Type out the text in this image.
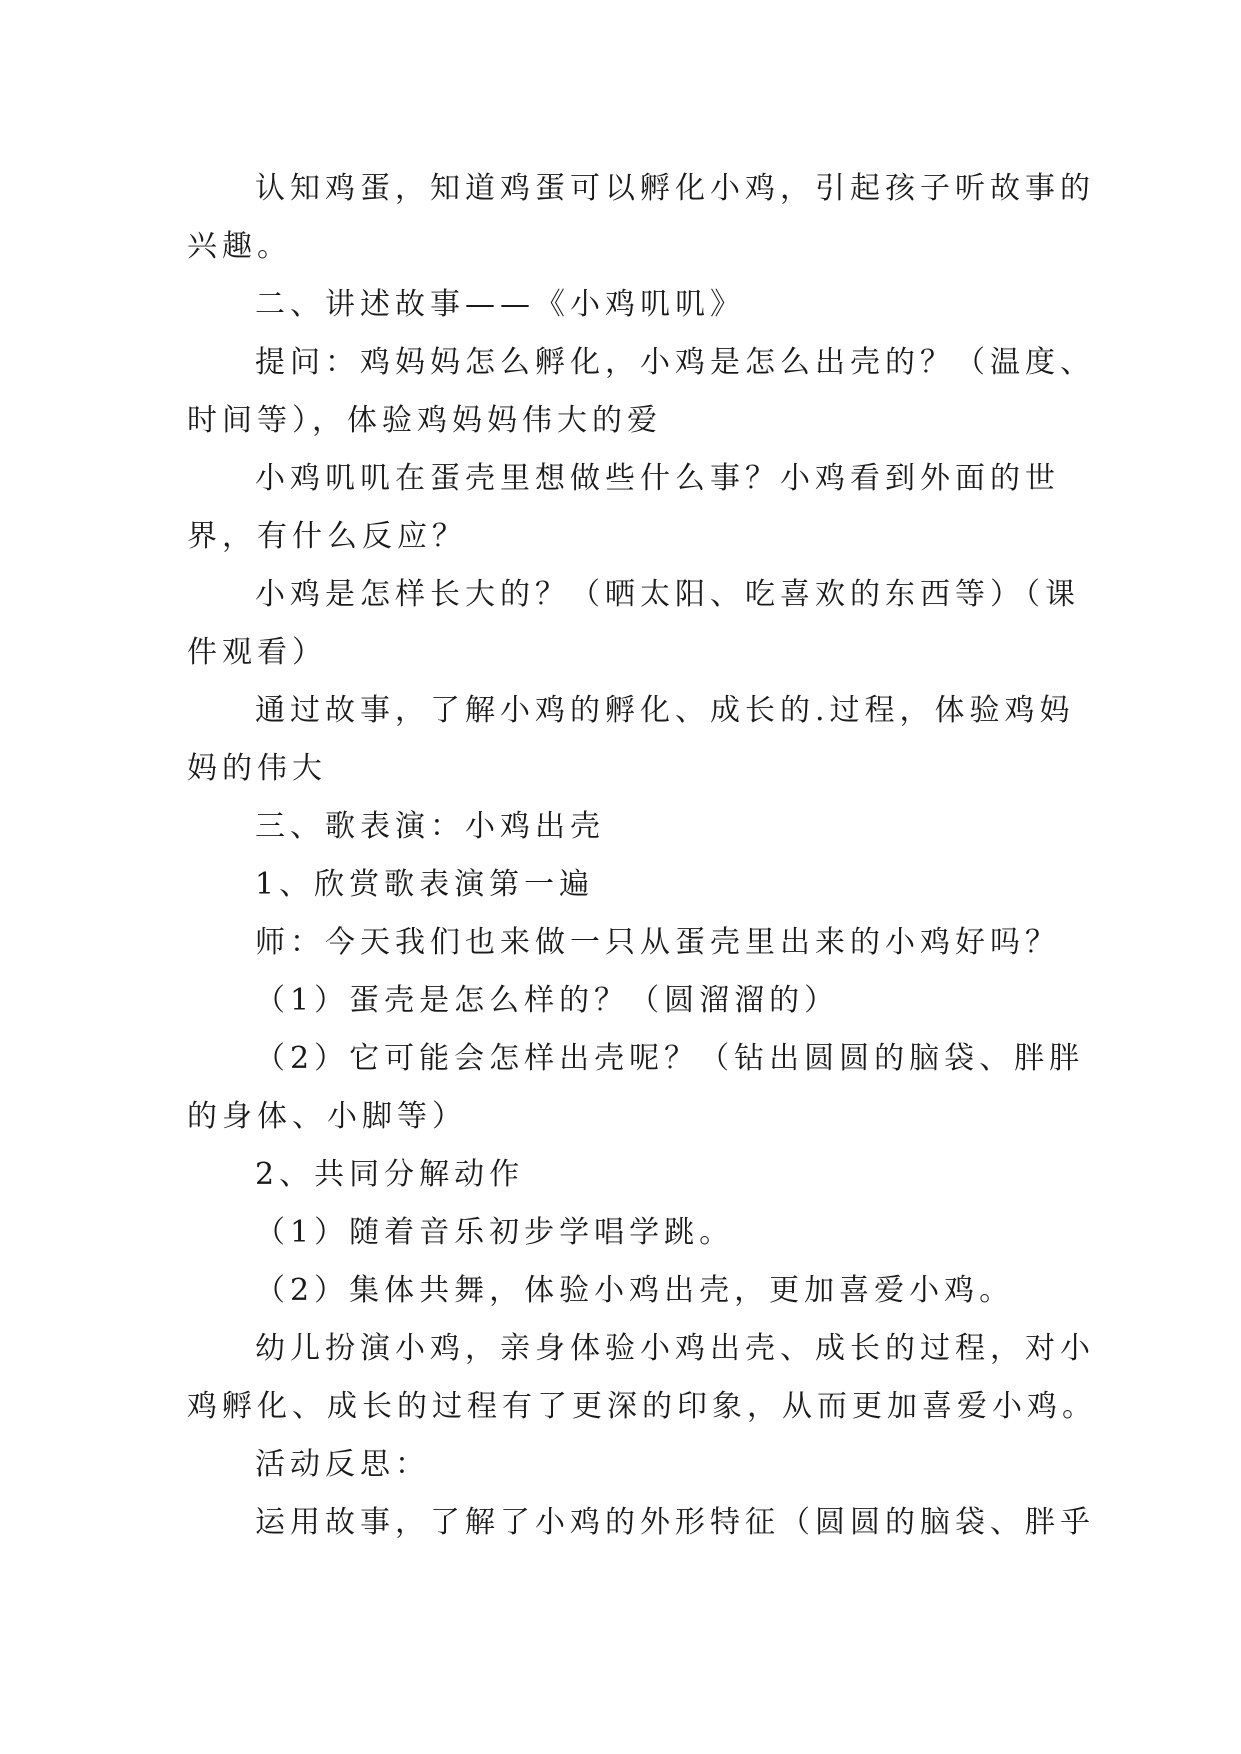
认知鸡蛋，知道鸡蛋可以孵化小鸡，引起孩子听故事的
兴趣。
二、讲述故事——《小鸡叽叽》
提问：鸡妈妈怎么孵化，小鸡是怎么出壳的？（温度、
时间等），体验鸡妈妈伟大的爱
小鸡叽叽在蛋壳里想做些什么事？小鸡看到外面的世
界，有什么反应？
小鸡是怎样长大的？（晒太阳、吃喜欢的东西等）（课
件观看）
通过故事，了解小鸡的孵化、成长的.过程，体验鸡妈
妈的伟大
三、歌表演：小鸡出壳
1、欣赏歌表演第一遍
师：今天我们也来做一只从蛋壳里出来的小鸡好吗？
（1）蛋壳是怎么样的？（圆溜溜的）
（2）它可能会怎样出壳呢？（钻出圆圆的脑袋、胖胖
的身体、小脚等）
2、共同分解动作
（1）随着音乐初步学唱学跳。
（2）集体共舞，体验小鸡出壳，更加喜爱小鸡。
幼儿扮演小鸡，亲身体验小鸡出壳、成长的过程，对小
鸡孵化、成长的过程有了更深的印象，从而更加喜爱小鸡。
活动反思：
运用故事，了解了小鸡的外形特征（圆圆的脑袋、胖乎
